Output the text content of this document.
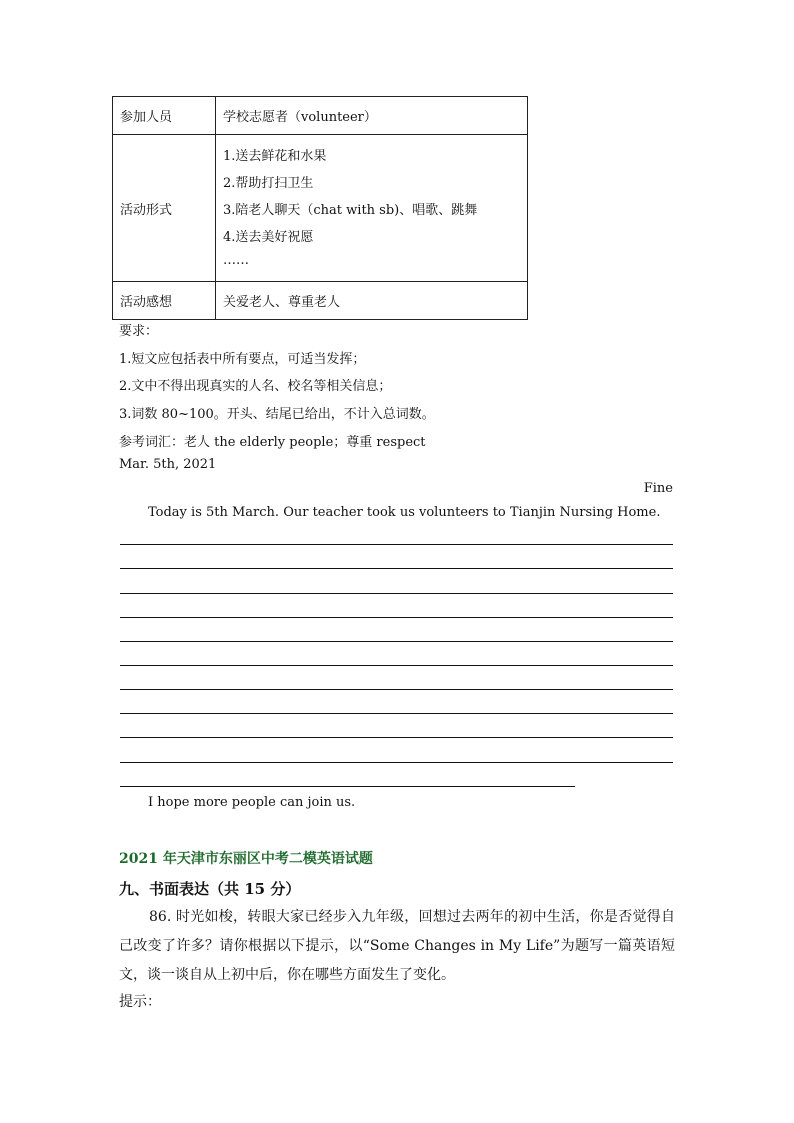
参加人员	学校志愿者（volunteer）
活动形式	1.送去鲜花和水果
2.帮助打扫卫生
3.陪老人聊天（chat with sb)、唱歌、跳舞
4.送去美好祝愿
……

活动感想	关爱老人、尊重老人
要求：
1.短文应包括表中所有要点，可适当发挥；
2.文中不得出现真实的人名、校名等相关信息；
3.词数 80~100。开头、结尾已给出，不计入总词数。
参考词汇：老人 the elderly people；尊重 respect
Mar. 5th, 2021
Fine
Today is 5th March. Our teacher took us volunteers to Tianjin Nursing Home.
I hope more people can join us.
2021 年天津市东丽区中考二模英语试题
九、书面表达（共 15 分）
86. 时光如梭，转眼大家已经步入九年级，回想过去两年的初中生活，你是否觉得自己改变了许多？请你根据以下提示，以“Some Changes in My Life”为题写一篇英语短文，谈一谈自从上初中后，你在哪些方面发生了变化。
提示：
